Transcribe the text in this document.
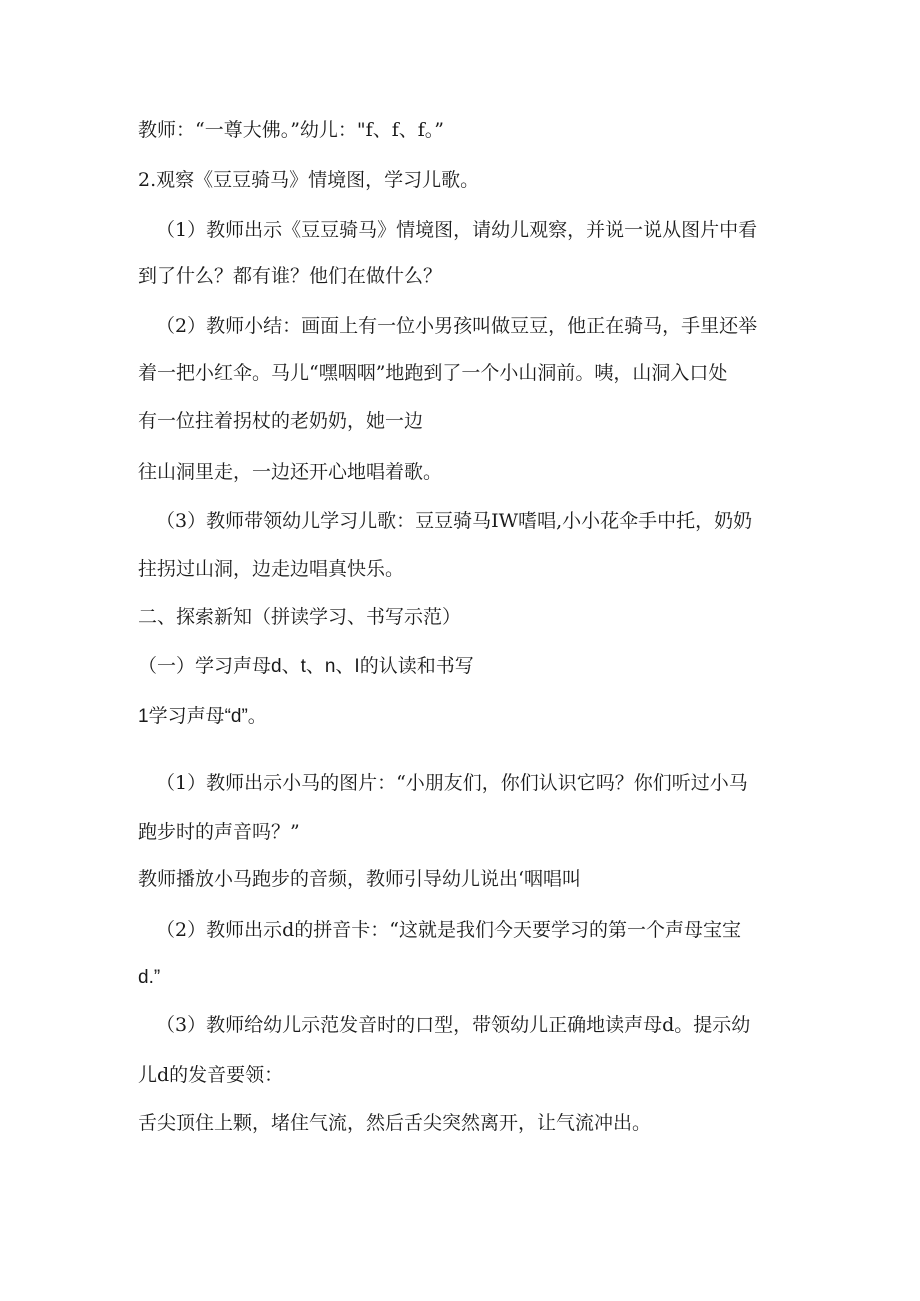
教师：“一尊大佛。”幼儿："f、f、f。”
2.观察《豆豆骑马》情境图，学习儿歌。
（1）教师出示《豆豆骑马》情境图，请幼儿观察，并说一说从图片中看
到了什么？都有谁？他们在做什么？
（2）教师小结：画面上有一位小男孩叫做豆豆，他正在骑马，手里还举
着一把小红伞。马儿“嘿咽咽”地跑到了一个小山洞前。咦，山洞入口处
有一位拄着拐杖的老奶奶，她一边
往山洞里走，一边还开心地唱着歌。
（3）教师带领幼儿学习儿歌：豆豆骑马IW嗜唱,小小花伞手中托，奶奶
拄拐过山洞，边走边唱真快乐。
二、探索新知（拼读学习、书写示范）
（一）学习声母d、t、n、I的认读和书写
1学习声母“d”。
（1）教师出示小马的图片：“小朋友们，你们认识它吗？你们听过小马
跑步时的声音吗？”
教师播放小马跑步的音频，教师引导幼儿说出‘咽唱叫
（2）教师出示d的拼音卡：“这就是我们今天要学习的第一个声母宝宝
d.”
（3）教师给幼儿示范发音时的口型，带领幼儿正确地读声母d。提示幼
儿d的发音要领：
舌尖顶住上颗，堵住气流，然后舌尖突然离开，让气流冲出。
